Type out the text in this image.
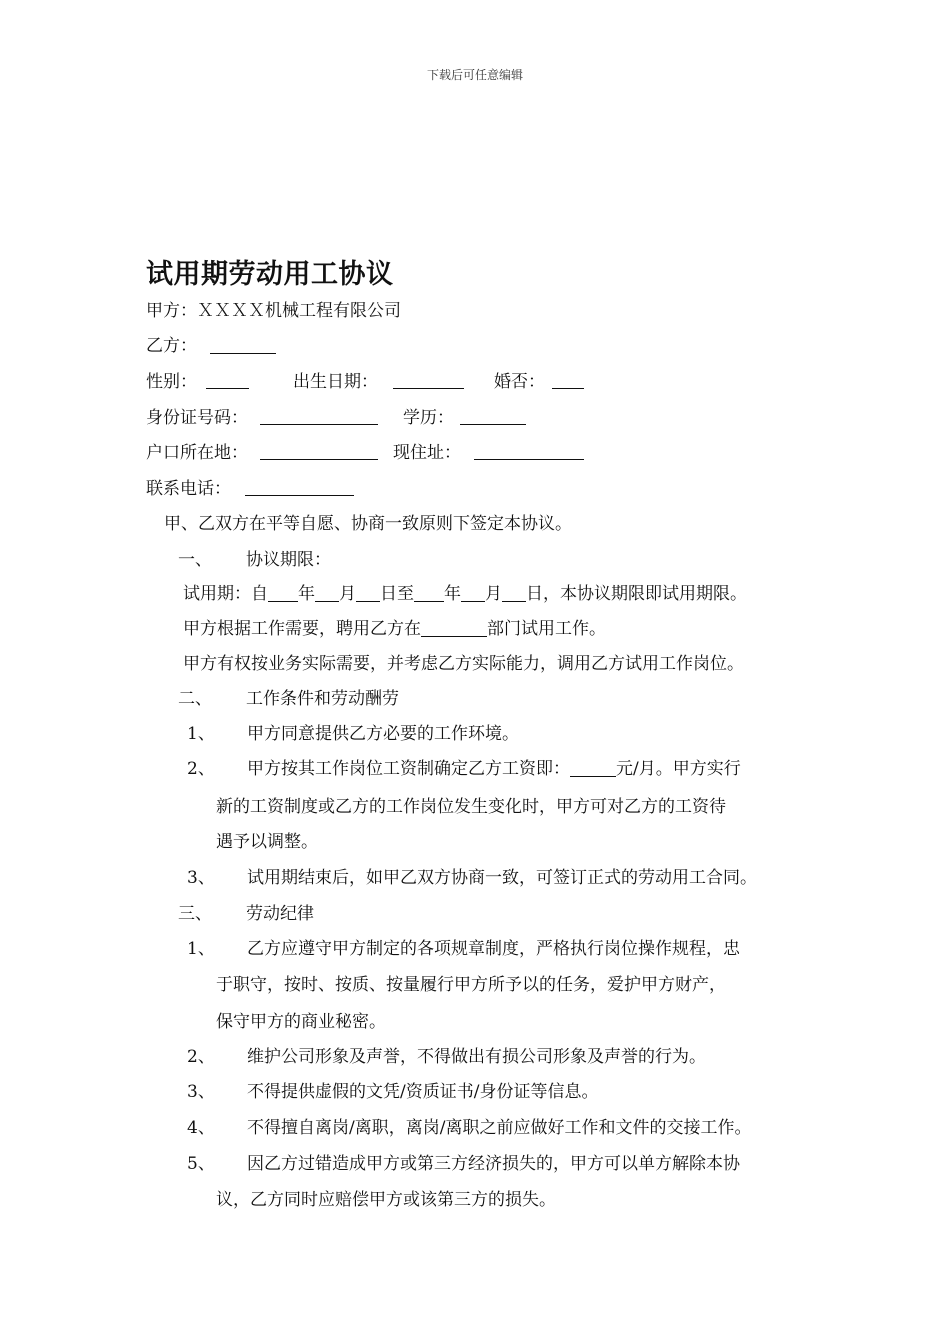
下载后可任意编辑
试用期劳动用工协议
甲方：ＸＸＸＸ机械工程有限公司
乙方：
性别：	出生日期：	婚否：
身份证号码：	学历：
户口所在地：	现住址：
联系电话：
甲、乙双方在平等自愿、协商一致原则下签定本协议。
一、 协议期限：
试用期：自 年 月 日至 年 月 日，本协议期限即试用期限。
甲方根据工作需要，聘用乙方在	部门试用工作。
甲方有权按业务实际需要，并考虑乙方实际能力，调用乙方试用工作岗位。
二、 工作条件和劳动酬劳
1、 甲方同意提供乙方必要的工作环境。
2、 甲方按其工作岗位工资制确定乙方工资即：	元/月。甲方实行
新的工资制度或乙方的工作岗位发生变化时，甲方可对乙方的工资待
遇予以调整。
3、 试用期结束后，如甲乙双方协商一致，可签订正式的劳动用工合同。
三、 劳动纪律
1、 乙方应遵守甲方制定的各项规章制度，严格执行岗位操作规程，忠
于职守，按时、按质、按量履行甲方所予以的任务，爱护甲方财产，
保守甲方的商业秘密。
2、 维护公司形象及声誉，不得做出有损公司形象及声誉的行为。
3、 不得提供虚假的文凭/资质证书/身份证等信息。
4、 不得擅自离岗/离职，离岗/离职之前应做好工作和文件的交接工作。
5、 因乙方过错造成甲方或第三方经济损失的，甲方可以单方解除本协
议，乙方同时应赔偿甲方或该第三方的损失。
